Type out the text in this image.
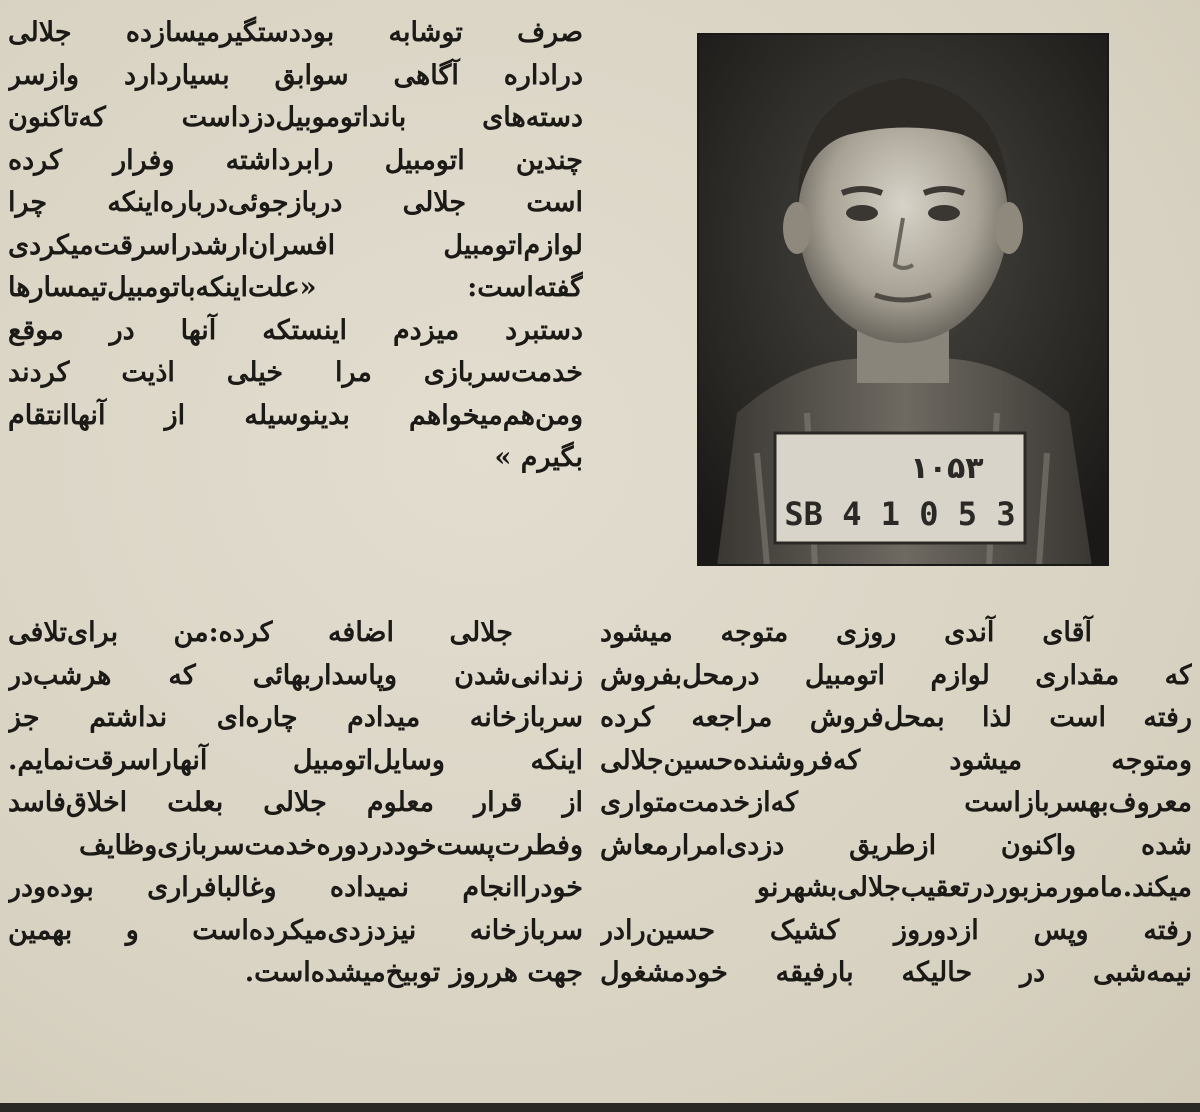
صرف توشابه بوددستگیرمیسازده جلالی
دراداره آگاهی سوابق بسیاردارد وازسر
دسته‌های باندا‌توموبیل‌دزداست که‌تاکنون
چندین اتومبیل رابرداشته وفرار کرده
است جلالی دربازجوئی‌درباره‌اینکه چرا
لوازم‌اتومبیل افسران‌ارشدرا‌سرقت‌میکردی
گفته‌است: «علت‌اینکه‌باتومبیل‌تیمسارها
دستبرد میزدم اینستکه آنها در موقع
خدمت‌سربازی مرا خیلی اذیت کردند
ومن‌هم‌میخواهم بدینوسیله از آنهاانتقام
بگیرم »	۱۰۵۳
SB 4 1 0 5 3
جلالی اضافه کرده:من برای‌تلافی
زندانی‌شدن وپاسدار‌بهائی که هرشب‌در
سربازخانه میدادم چاره‌ای نداشتم جز
اینکه وسایل‌اتومبیل آنهارا‌سرقت‌نمایم.
از قرار معلوم جلالی بعلت اخلاق‌فاسد
وفطرت‌پست‌خوددردوره‌خدمت‌سربازی‌وظایف
خودرا‌انجام نمیداده وغالبافراری بوده‌ودر
سربازخانه نیزدزدی‌میکرده‌است و بهمین
جهت هرروز توبیخ‌میشده‌است.
آقای آندی روزی متوجه میشود
که مقداری لوازم اتومبیل درمحل‌بفروش
رفته است لذا بمحل‌فروش مراجعه کرده
ومتوجه میشود که‌فروشنده‌حسین‌جلالی
معروف‌بهسربازاست که‌ازخدمت‌متواری
شده واکنون ازطریق دزدی‌امرارمعاش
میکند.مامورمزبوردرتعقیب‌جلالی‌بشهرنو
رفته وپس ازدوروز کشیک حسین‌رادر
نیمه‌شبی در حالیکه بارفیقه خودمشغول
